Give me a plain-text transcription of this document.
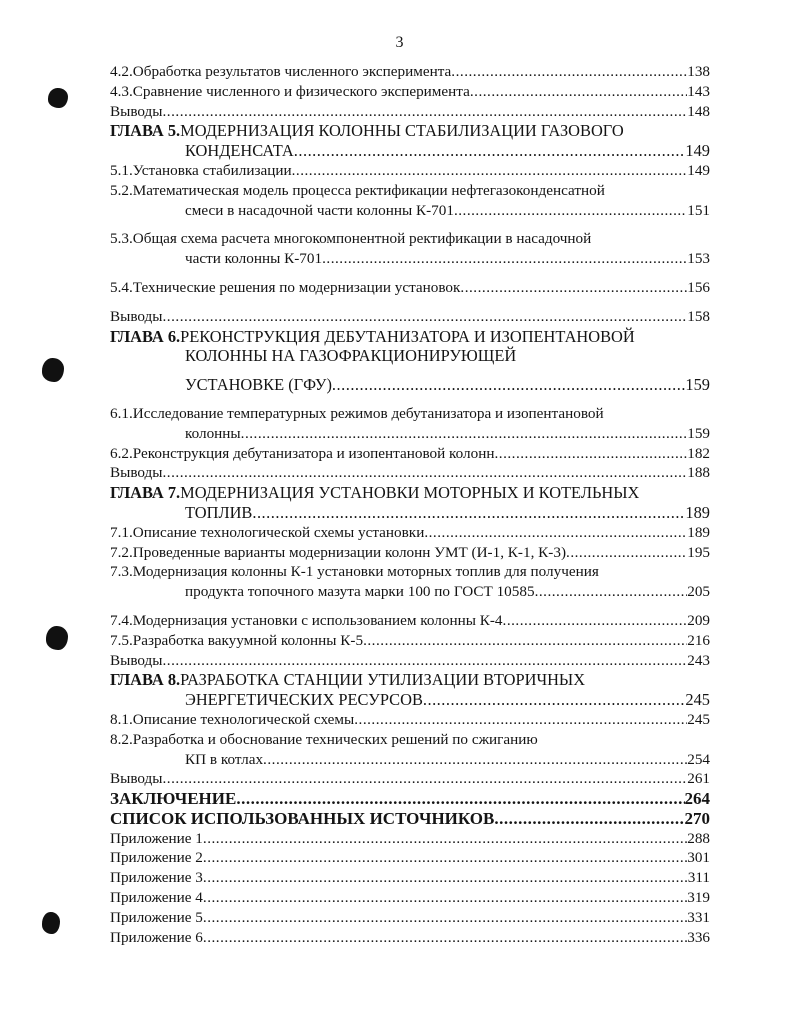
3
4.2.Обработка результатов численного эксперимента .....	138
4.3.Сравнение численного и физического эксперимента .....	143
Выводы .....	148
ГЛАВА 5. МОДЕРНИЗАЦИЯ КОЛОННЫ СТАБИЛИЗАЦИИ ГАЗОВОГО
КОНДЕНСАТА .....	149
5.1.Установка стабилизации .....	149
5.2.Математическая модель процесса ректификации нефтегазоконденсатной
смеси в насадочной части колонны К-701 .....	151
5.3.Общая схема расчета многокомпонентной ректификации в насадочной
части колонны К-701 .....	153
5.4.Технические решения по модернизации установок .....	156
Выводы .....	158
ГЛАВА 6. РЕКОНСТРУКЦИЯ ДЕБУТАНИЗАТОРА И ИЗОПЕНТАНОВОЙ
КОЛОННЫ НА ГАЗОФРАКЦИОНИРУЮЩЕЙ
УСТАНОВКЕ (ГФУ) .....	159
6.1.Исследование температурных режимов дебутанизатора и изопентановой
колонны .....	159
6.2.Реконструкция дебутанизатора и изопентановой колонн .....	182
Выводы .....	188
ГЛАВА 7. МОДЕРНИЗАЦИЯ УСТАНОВКИ МОТОРНЫХ И КОТЕЛЬНЫХ
ТОПЛИВ .....	189
7.1.Описание технологической схемы установки .....	189
7.2.Проведенные варианты модернизации колонн УМТ (И-1, К-1, К-3) .....	195
7.3.Модернизация колонны К-1 установки моторных топлив для получения
продукта топочного мазута марки 100 по ГОСТ 10585 .....	205
7.4.Модернизация установки с использованием колонны К-4 .....	209
7.5.Разработка вакуумной колонны К-5 .....	216
Выводы .....	243
ГЛАВА 8. РАЗРАБОТКА СТАНЦИИ УТИЛИЗАЦИИ ВТОРИЧНЫХ
ЭНЕРГЕТИЧЕСКИХ РЕСУРСОВ .....	245
8.1.Описание технологической схемы .....	245
8.2.Разработка и обоснование технических решений по сжиганию
КП в котлах .....	254
Выводы .....	261
ЗАКЛЮЧЕНИЕ .....	264
СПИСОК ИСПОЛЬЗОВАННЫХ ИСТОЧНИКОВ .....	270
Приложение 1 .....	288
Приложение 2 .....	301
Приложение 3 .....	311
Приложение 4 .....	319
Приложение 5 .....	331
Приложение 6 .....	336
